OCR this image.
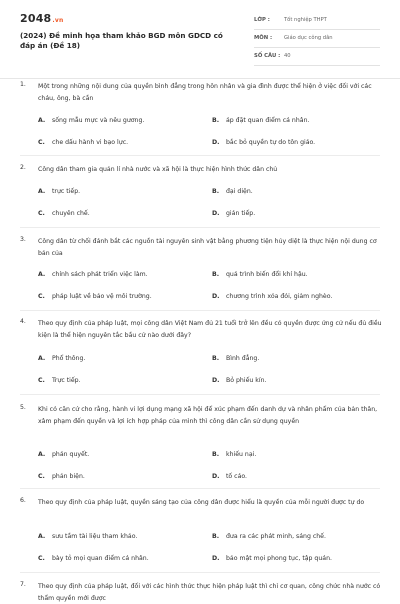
2048.vn
(2024) Đề minh họa tham khảo BGD môn GDCD có đáp án (Đề 18)
LỚP :	Tốt nghiệp THPT
MÔN : Giáo dục công dân
SỐ CÂU : 40
1. Một trong những nội dung của quyền bình đẳng trong hôn nhân và gia đình được thể hiện ở việc đối với các cháu, ông, bà cần
A. sống mẫu mực và nêu gương.	B. áp đặt quan điểm cá nhân.
C. che dấu hành vi bạo lực.	D. bắc bỏ quyền tự do tôn giáo.
2. Công dân tham gia quản lí nhà nước và xã hội là thực hiện hình thức dân chủ
A. trực tiếp.	B. đại diện.
C. chuyên chế.	D. gián tiếp.
3. Công dân từ chối đánh bắt các nguồn tài nguyên sinh vật bằng phương tiện hủy diệt là thực hiện nội dung cơ bản của
A. chính sách phát triển việc làm.	B. quá trình biến đổi khí hậu.
C. pháp luật về bảo vệ môi trường.	D. chương trình xóa đói, giảm nghèo.
4. Theo quy định của pháp luật, mọi công dân Việt Nam đủ 21 tuổi trở lên đều có quyền được ứng cử nếu đủ điều kiện là thể hiện nguyên tắc bầu cử nào dưới đây?
A. Phổ thông.	B. Bình đẳng.
C. Trực tiếp.	D. Bỏ phiếu kín.
5. Khi có căn cứ cho rằng, hành vi lợi dụng mạng xã hội để xúc phạm đến danh dự và nhân phẩm của bản thân, xâm phạm đến quyền và lợi ích hợp pháp của mình thì công dân cần sử dụng quyền
A. phán quyết.	B. khiếu nại.
C. phản biện.	D. tố cáo.
6. Theo quy định của pháp luật, quyền sáng tạo của công dân được hiểu là quyền của mỗi người được tự do
A. sưu tầm tài liệu tham khảo.	B. đưa ra các phát minh, sáng chế.
C. bày tỏ mọi quan điểm cá nhân.	D. bảo mật mọi phong tục, tập quán.
7. Theo quy định của pháp luật, đối với các hình thức thực hiện pháp luật thì chỉ cơ quan, công chức nhà nước có thẩm quyền mới được
